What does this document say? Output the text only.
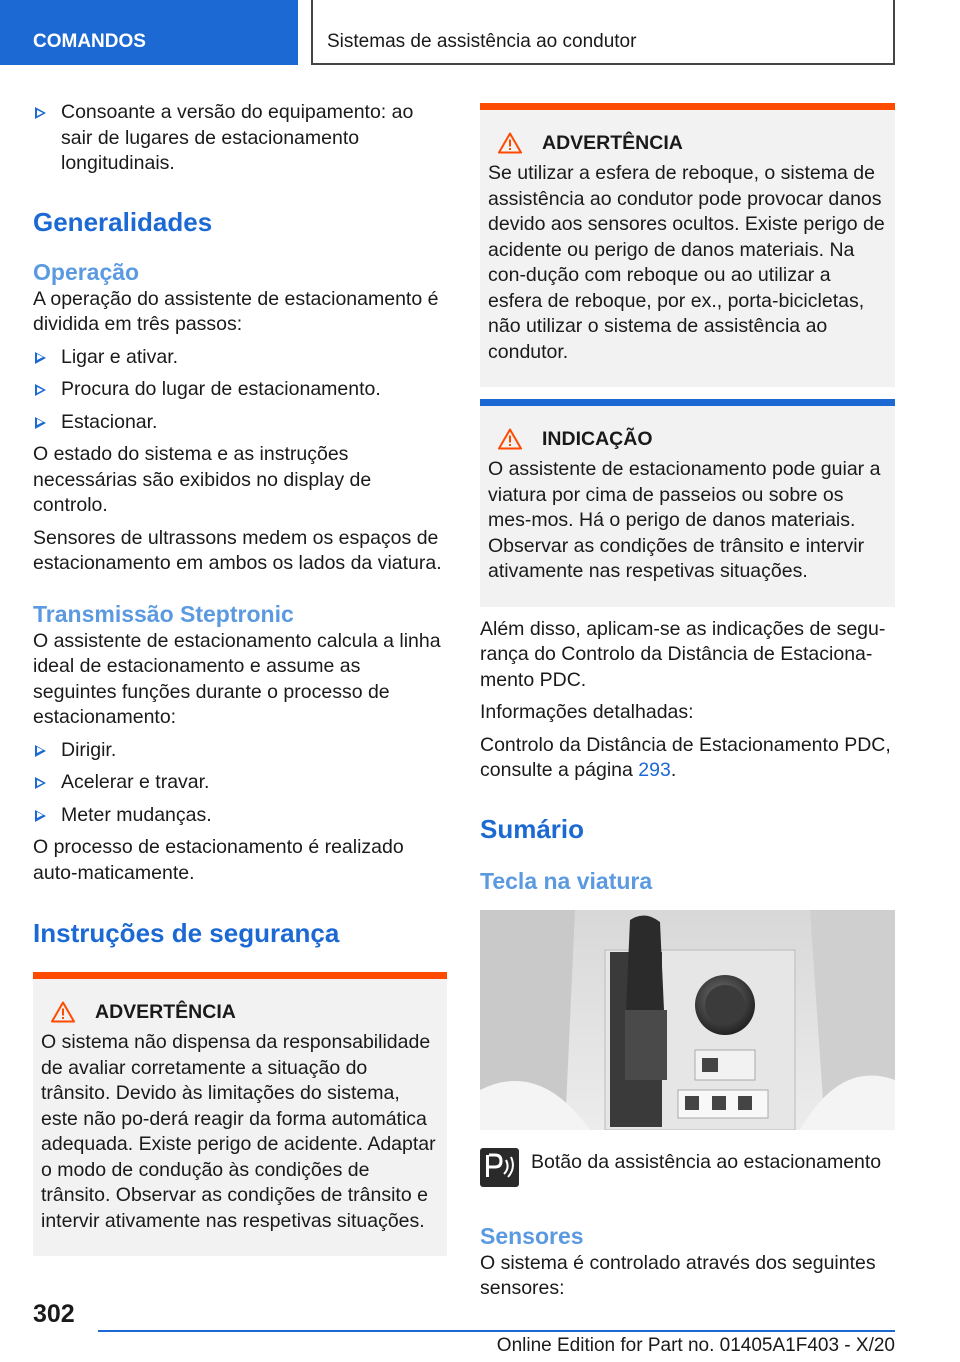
COMANDOS	Sistemas de assistência ao condutor
Consoante a versão do equipamento: ao sair de lugares de estacionamento longitudinais.
Generalidades
Operação

A operação do assistente de estacionamento é dividida em três passos:

Ligar e ativar.
Procura do lugar de estacionamento.
Estacionar.

O estado do sistema e as instruções necessárias são exibidos no display de controlo.

Sensores de ultrassons medem os espaços de estacionamento em ambos os lados da viatura.

Transmissão Steptronic

O assistente de estacionamento calcula a linha ideal de estacionamento e assume as seguintes funções durante o processo de estacionamento:

Dirigir.
Acelerar e travar.
Meter mudanças.

O processo de estacionamento é realizado auto-maticamente.

Instruções de segurança
ADVERTÊNCIA

O sistema não dispensa da responsabilidade de avaliar corretamente a situação do trânsito. Devido às limitações do sistema, este não po-derá reagir da forma automática adequada. Existe perigo de acidente. Adaptar o modo de condução às condições de trânsito. Observar as condições de trânsito e intervir ativamente nas respetivas situações.

ADVERTÊNCIA

Se utilizar a esfera de reboque, o sistema de assistência ao condutor pode provocar danos devido aos sensores ocultos. Existe perigo de acidente ou perigo de danos materiais. Na con-dução com reboque ou ao utilizar a esfera de reboque, por ex., porta-bicicletas, não utilizar o sistema de assistência ao condutor.

INDICAÇÃO

O assistente de estacionamento pode guiar a viatura por cima de passeios ou sobre os mes-mos. Há o perigo de danos materiais. Observar as condições de trânsito e intervir ativamente nas respetivas situações.

Além disso, aplicam-se as indicações de segu-rança do Controlo da Distância de Estaciona-mento PDC.

Informações detalhadas:

Controlo da Distância de Estacionamento PDC, consulte a página 293.

Sumário
Tecla na viatura

Botão da assistência ao estacionamento

Sensores

O sistema é controlado através dos seguintes sensores:

302
Online Edition for Part no. 01405A1F403 - X/20
